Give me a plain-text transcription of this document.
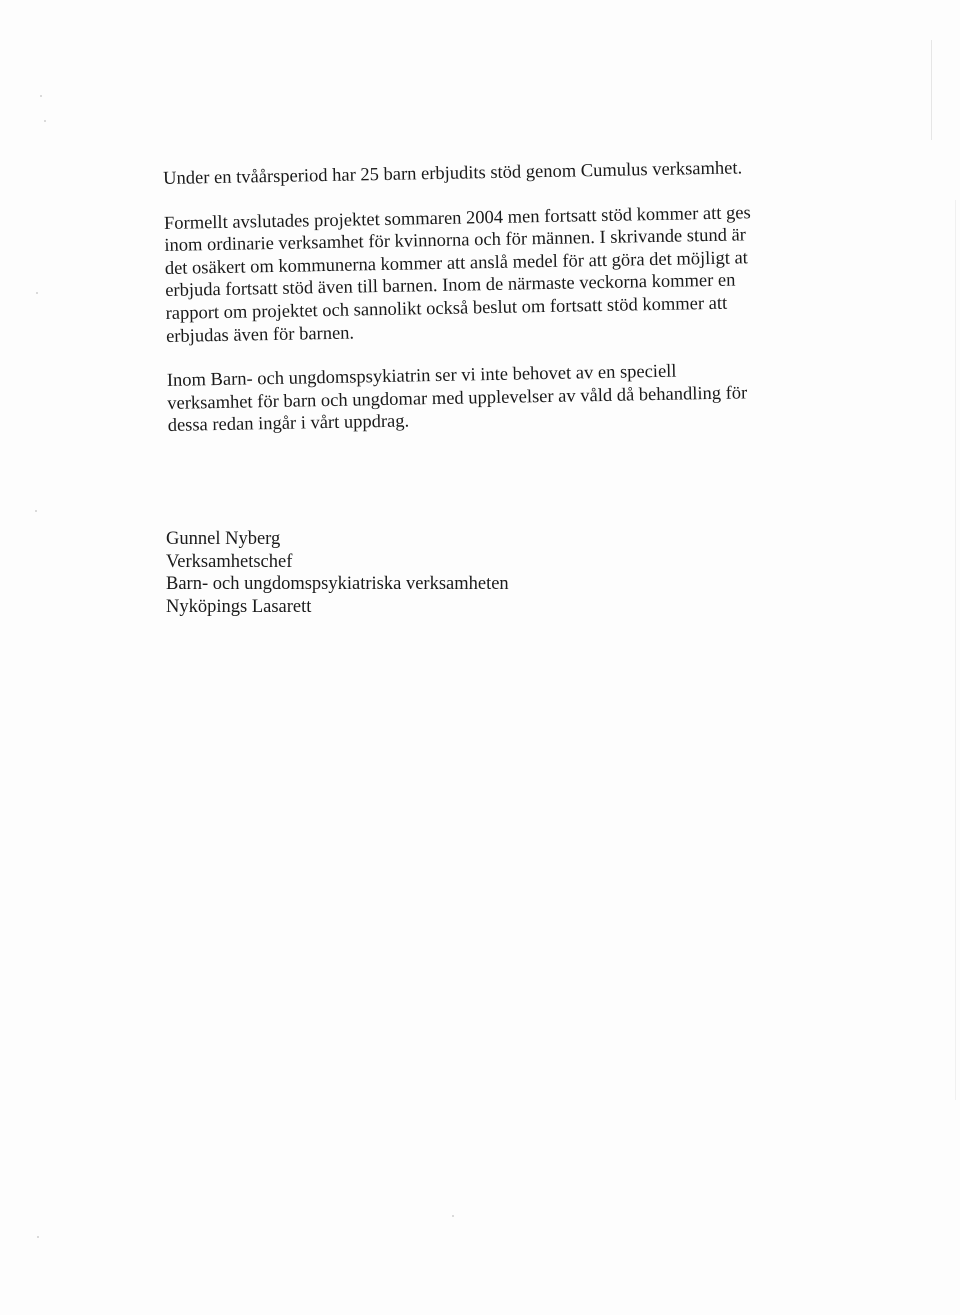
Under en tvåårsperiod har 25 barn erbjudits stöd genom Cumulus verksamhet.

Formellt avslutades projektet sommaren 2004 men fortsatt stöd kommer att ges
inom ordinarie verksamhet för kvinnorna och för männen. I skrivande stund är
det osäkert om kommunerna kommer att anslå medel för att göra det möjligt at
erbjuda fortsatt stöd även till barnen. Inom de närmaste veckorna kommer en
rapport om projektet och sannolikt också beslut om fortsatt stöd kommer att
erbjudas även för barnen.

Inom Barn- och ungdomspsykiatrin ser vi inte behovet av en speciell
verksamhet för barn och ungdomar med upplevelser av våld då behandling för
dessa redan ingår i vårt uppdrag.

Gunnel Nyberg
Verksamhetschef
Barn- och ungdomspsykiatriska verksamheten
Nyköpings Lasarett
